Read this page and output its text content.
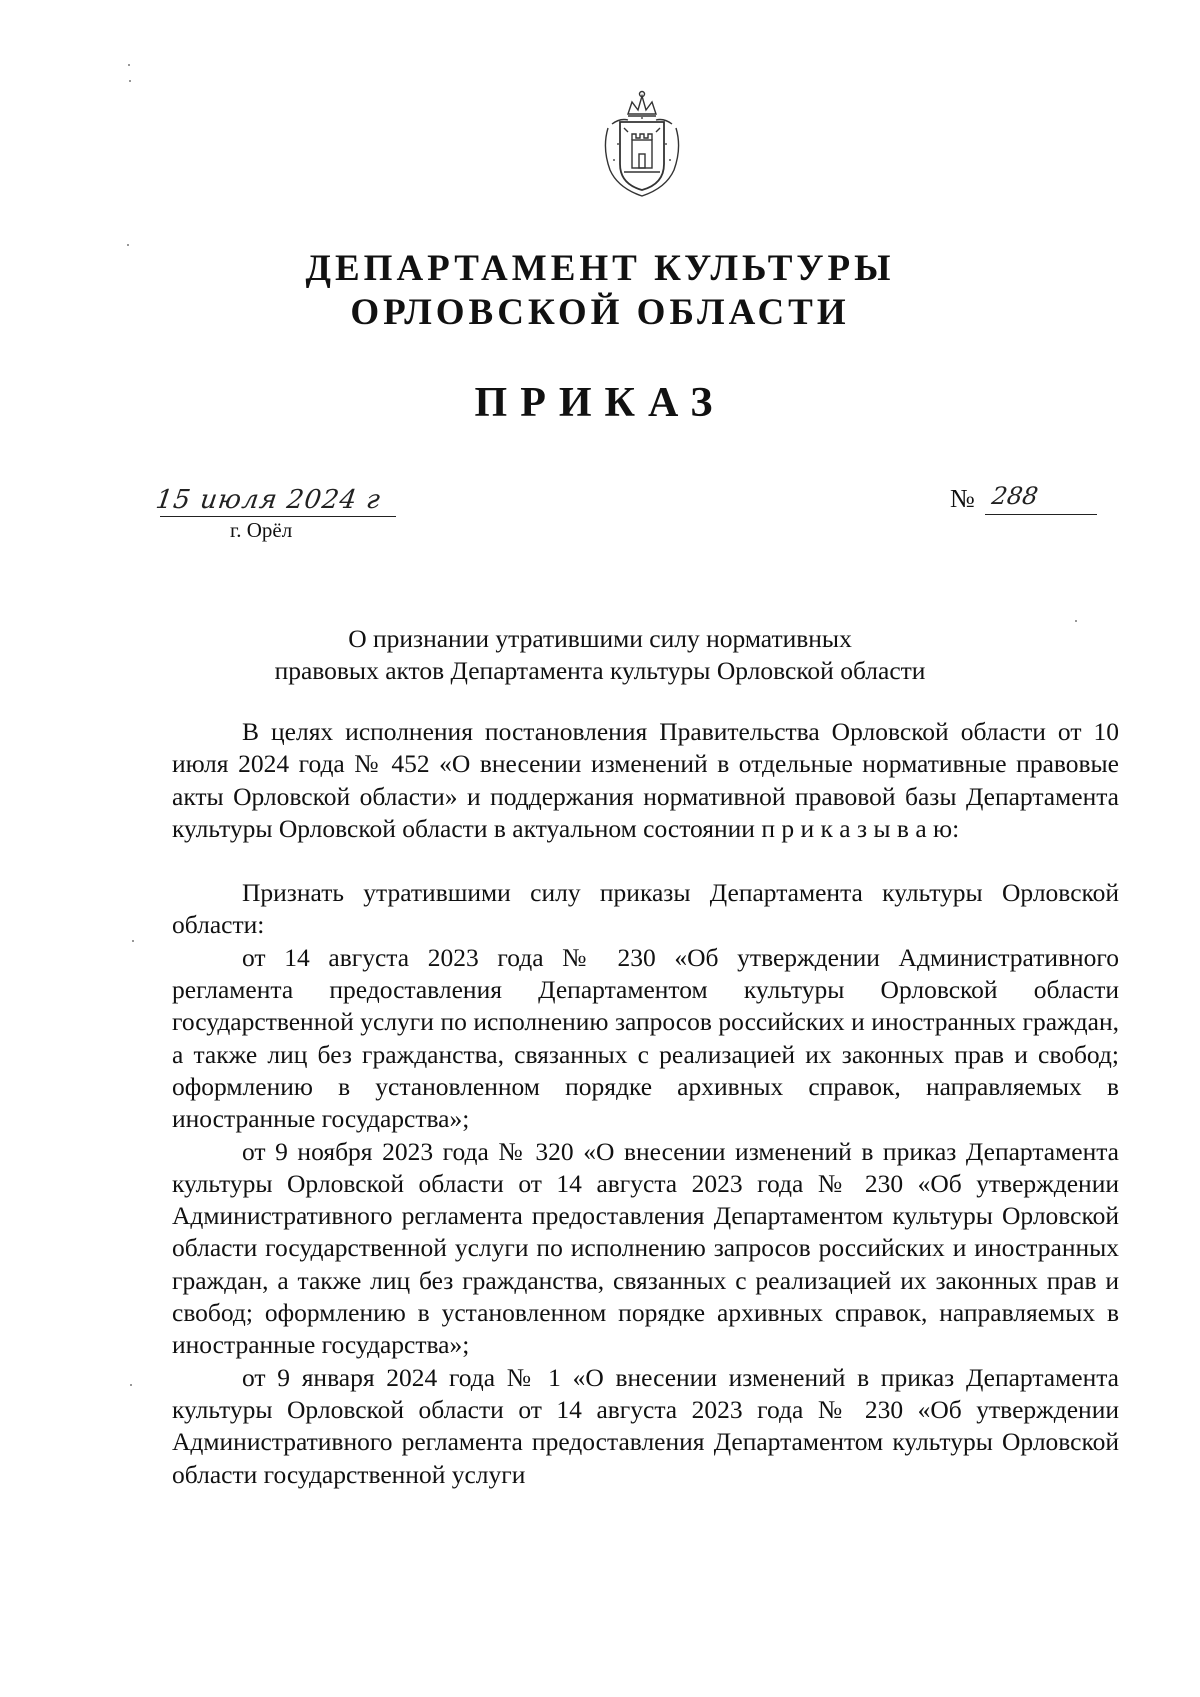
ДЕПАРТАМЕНТ КУЛЬТУРЫ
ОРЛОВСКОЙ ОБЛАСТИ
ПРИКАЗ
15 июля 2024 г
г. Орёл
№ 288
О признании утратившими силу нормативных
правовых актов Департамента культуры Орловской области

В целях исполнения постановления Правительства Орловской области от 10 июля 2024 года № 452 «О внесении изменений в отдельные нормативные правовые акты Орловской области» и поддержания нормативной правовой базы Департамента культуры Орловской области в актуальном состоянии п р и к а з ы в а ю:

Признать утратившими силу приказы Департамента культуры Орловской области:

от 14 августа 2023 года № 230 «Об утверждении Административного регламента предоставления Департаментом культуры Орловской области государственной услуги по исполнению запросов российских и иностранных граждан, а также лиц без гражданства, связанных с реализацией их законных прав и свобод; оформлению в установленном порядке архивных справок, направляемых в иностранные государства»;

от 9 ноября 2023 года № 320 «О внесении изменений в приказ Департамента культуры Орловской области от 14 августа 2023 года № 230 «Об утверждении Административного регламента предоставления Департаментом культуры Орловской области государственной услуги по исполнению запросов российских и иностранных граждан, а также лиц без гражданства, связанных с реализацией их законных прав и свобод; оформлению в установленном порядке архивных справок, направляемых в иностранные государства»;

от 9 января 2024 года № 1 «О внесении изменений в приказ Департамента культуры Орловской области от 14 августа 2023 года № 230 «Об утверждении Административного регламента предоставления Департаментом культуры Орловской области государственной услуги
